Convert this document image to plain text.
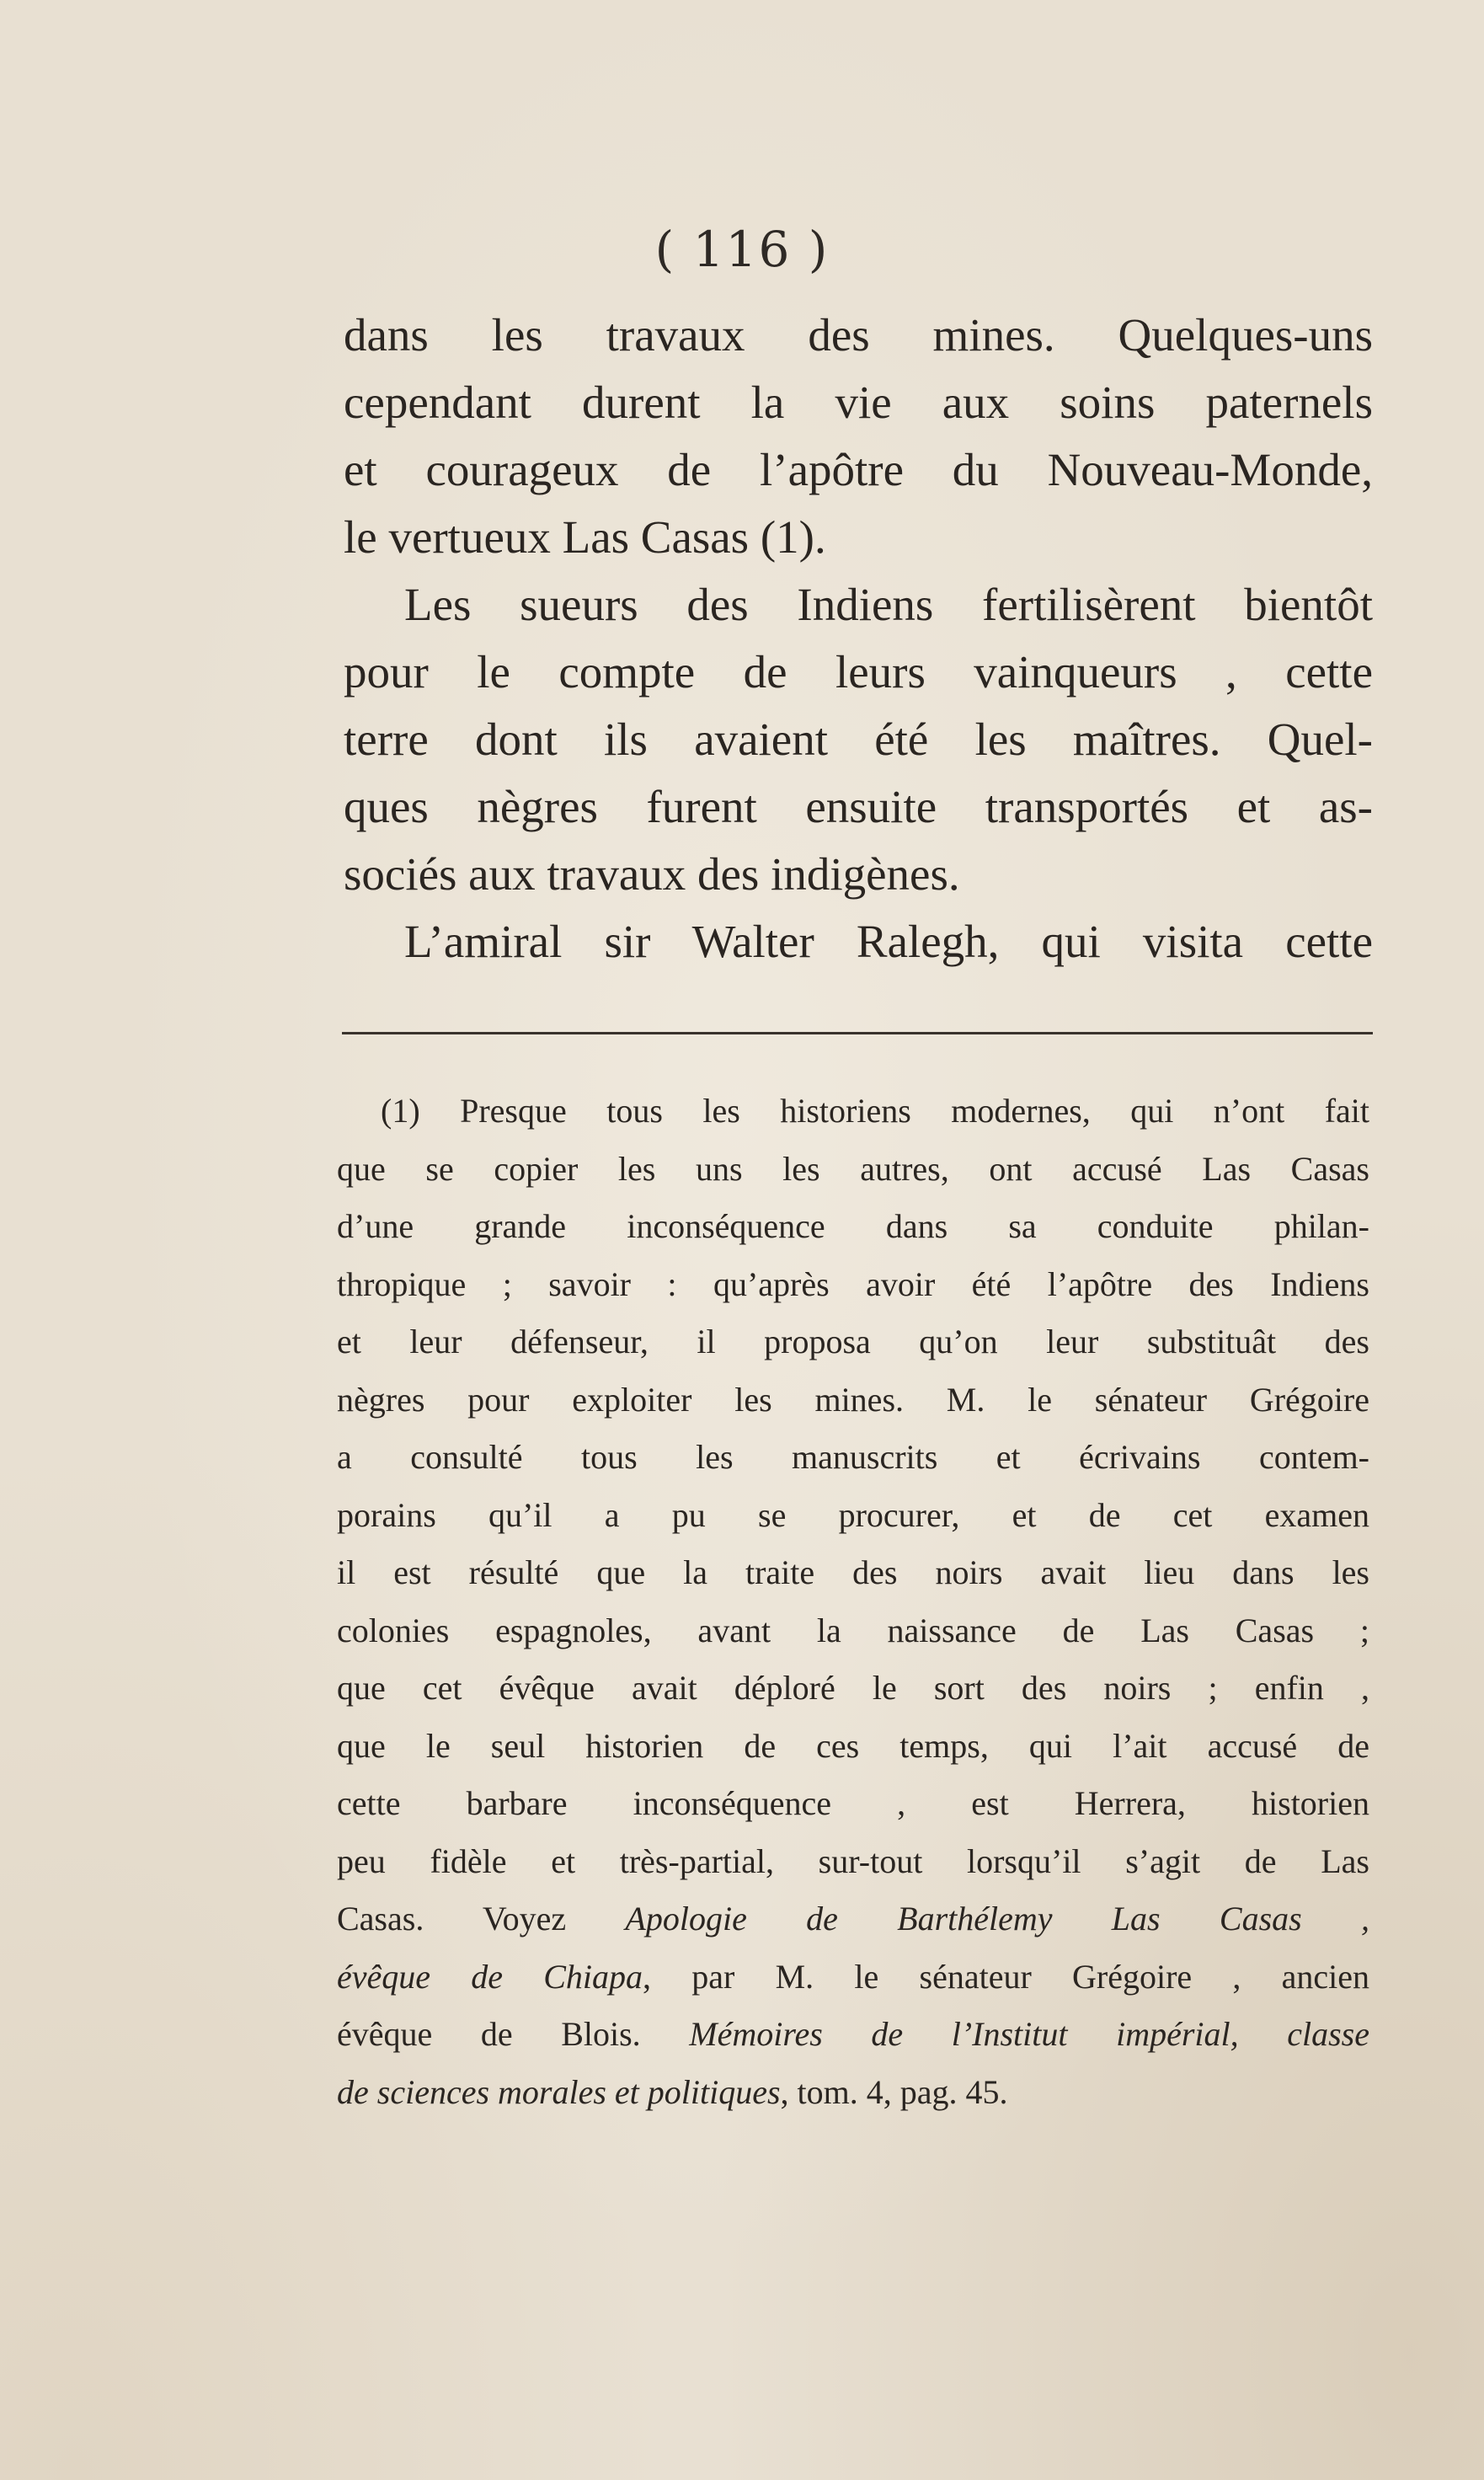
( 116 )
dans les travaux des mines. Quelques-uns
cependant durent la vie aux soins paternels
et courageux de l’apôtre du Nouveau-Monde,
le vertueux Las Casas (1).
Les sueurs des Indiens fertilisèrent bientôt
pour le compte de leurs vainqueurs , cette
terre dont ils avaient été les maîtres. Quel-
ques nègres furent ensuite transportés et as-
sociés aux travaux des indigènes.
L’amiral sir Walter Ralegh, qui visita cette
(1) Presque tous les historiens modernes, qui n’ont fait
que se copier les uns les autres, ont accusé Las Casas
d’une grande inconséquence dans sa conduite philan-
thropique ; savoir : qu’après avoir été l’apôtre des Indiens
et leur défenseur, il proposa qu’on leur substituât des
nègres pour exploiter les mines. M. le sénateur Grégoire
a consulté tous les manuscrits et écrivains contem-
porains qu’il a pu se procurer, et de cet examen
il est résulté que la traite des noirs avait lieu dans les
colonies espagnoles, avant la naissance de Las Casas ;
que cet évêque avait déploré le sort des noirs ; enfin ,
que le seul historien de ces temps, qui l’ait accusé de
cette barbare inconséquence , est Herrera, historien
peu fidèle et très-partial, sur-tout lorsqu’il s’agit de Las
Casas. Voyez Apologie de Barthélemy Las Casas ,
évêque de Chiapa, par M. le sénateur Grégoire , ancien
évêque de Blois. Mémoires de l’Institut impérial, classe
de sciences morales et politiques, tom. 4, pag. 45.
